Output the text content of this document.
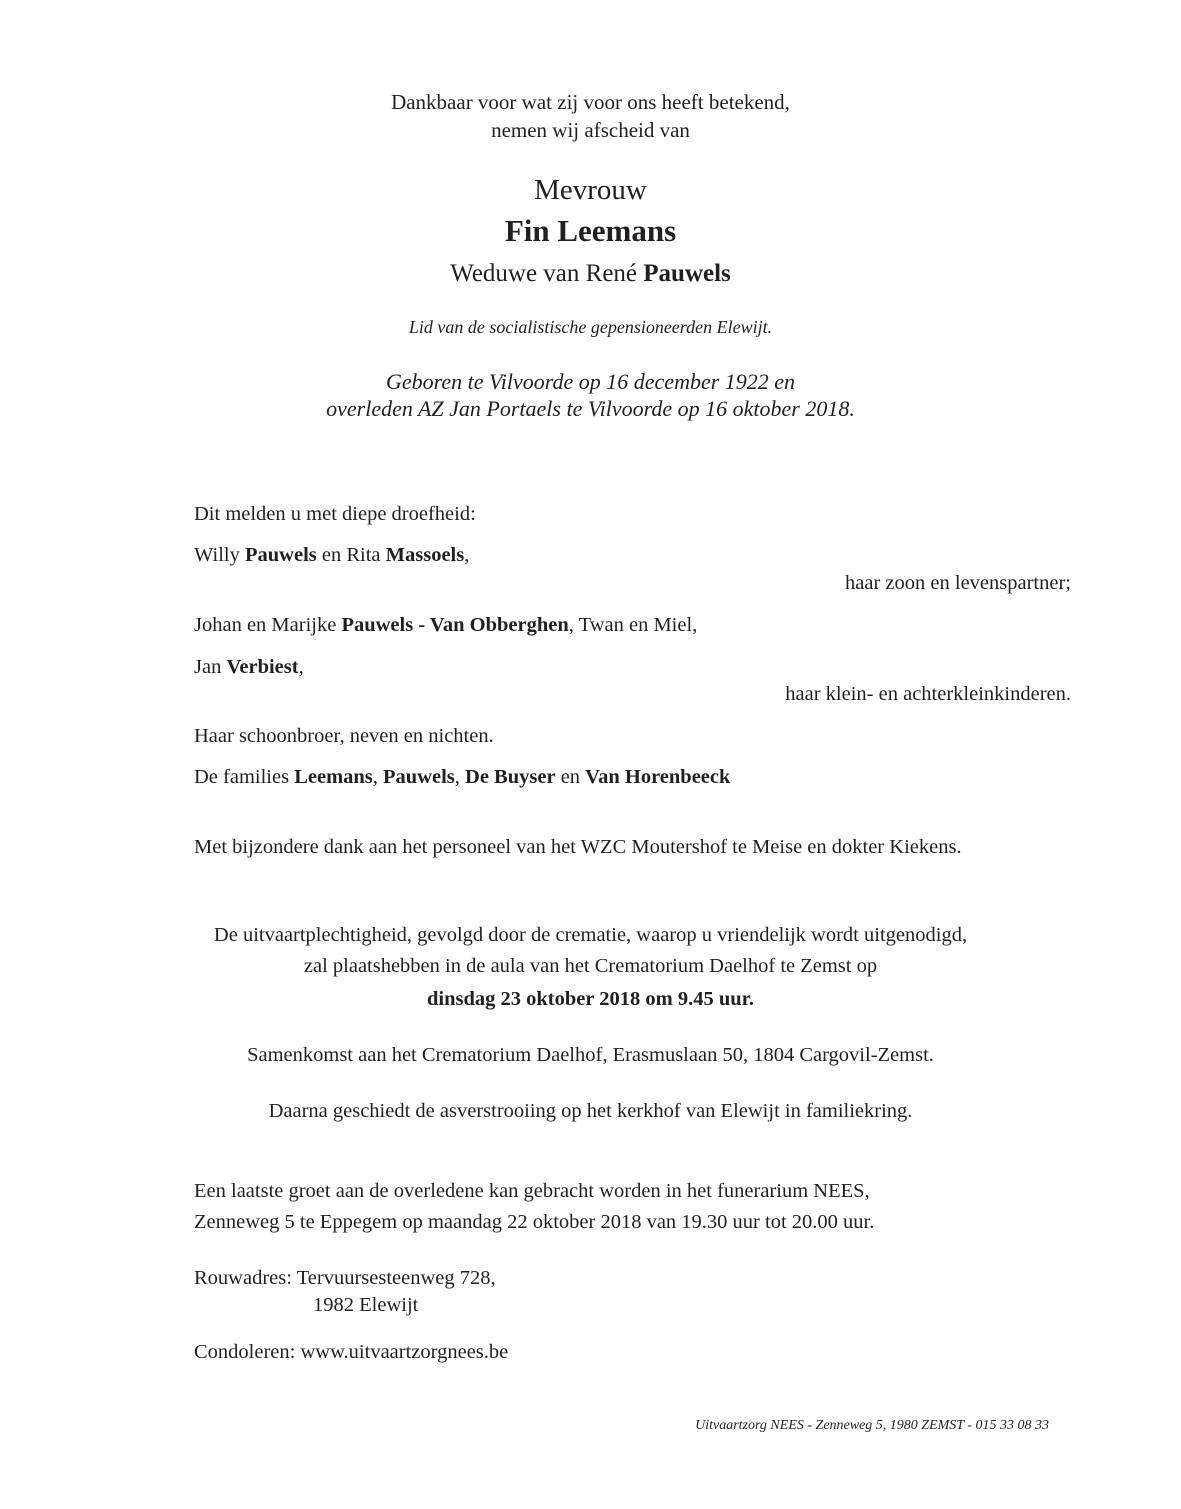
Dankbaar voor wat zij voor ons heeft betekend,
nemen wij afscheid van
Mevrouw
Fin Leemans
Weduwe van René Pauwels
Lid van de socialistische gepensioneerden Elewijt.
Geboren te Vilvoorde op 16 december 1922 en
overleden AZ Jan Portaels te Vilvoorde op 16 oktober 2018.
Dit melden u met diepe droefheid:
Willy Pauwels en Rita Massoels,
haar zoon en levenspartner;
Johan en Marijke Pauwels - Van Obberghen, Twan en Miel,
Jan Verbiest,
haar klein- en achterkleinkinderen.
Haar schoonbroer, neven en nichten.
De families Leemans, Pauwels, De Buyser en Van Horenbeeck
Met bijzondere dank aan het personeel van het WZC Moutershof te Meise en dokter Kiekens.
De uitvaartplechtigheid, gevolgd door de crematie, waarop u vriendelijk wordt uitgenodigd,
zal plaatshebben in de aula van het Crematorium Daelhof te Zemst op
dinsdag 23 oktober 2018 om 9.45 uur.
Samenkomst aan het Crematorium Daelhof, Erasmuslaan 50, 1804 Cargovil-Zemst.
Daarna geschiedt de asverstrooiing op het kerkhof van Elewijt in familiekring.
Een laatste groet aan de overledene kan gebracht worden in het funerarium NEES,
Zenneweg 5 te Eppegem op maandag 22 oktober 2018 van 19.30 uur tot 20.00 uur.
Rouwadres: Tervuursesteenweg 728,
1982 Elewijt
Condoleren: www.uitvaartzorgnees.be
Uitvaartzorg NEES - Zenneweg 5, 1980 ZEMST - 015 33 08 33
